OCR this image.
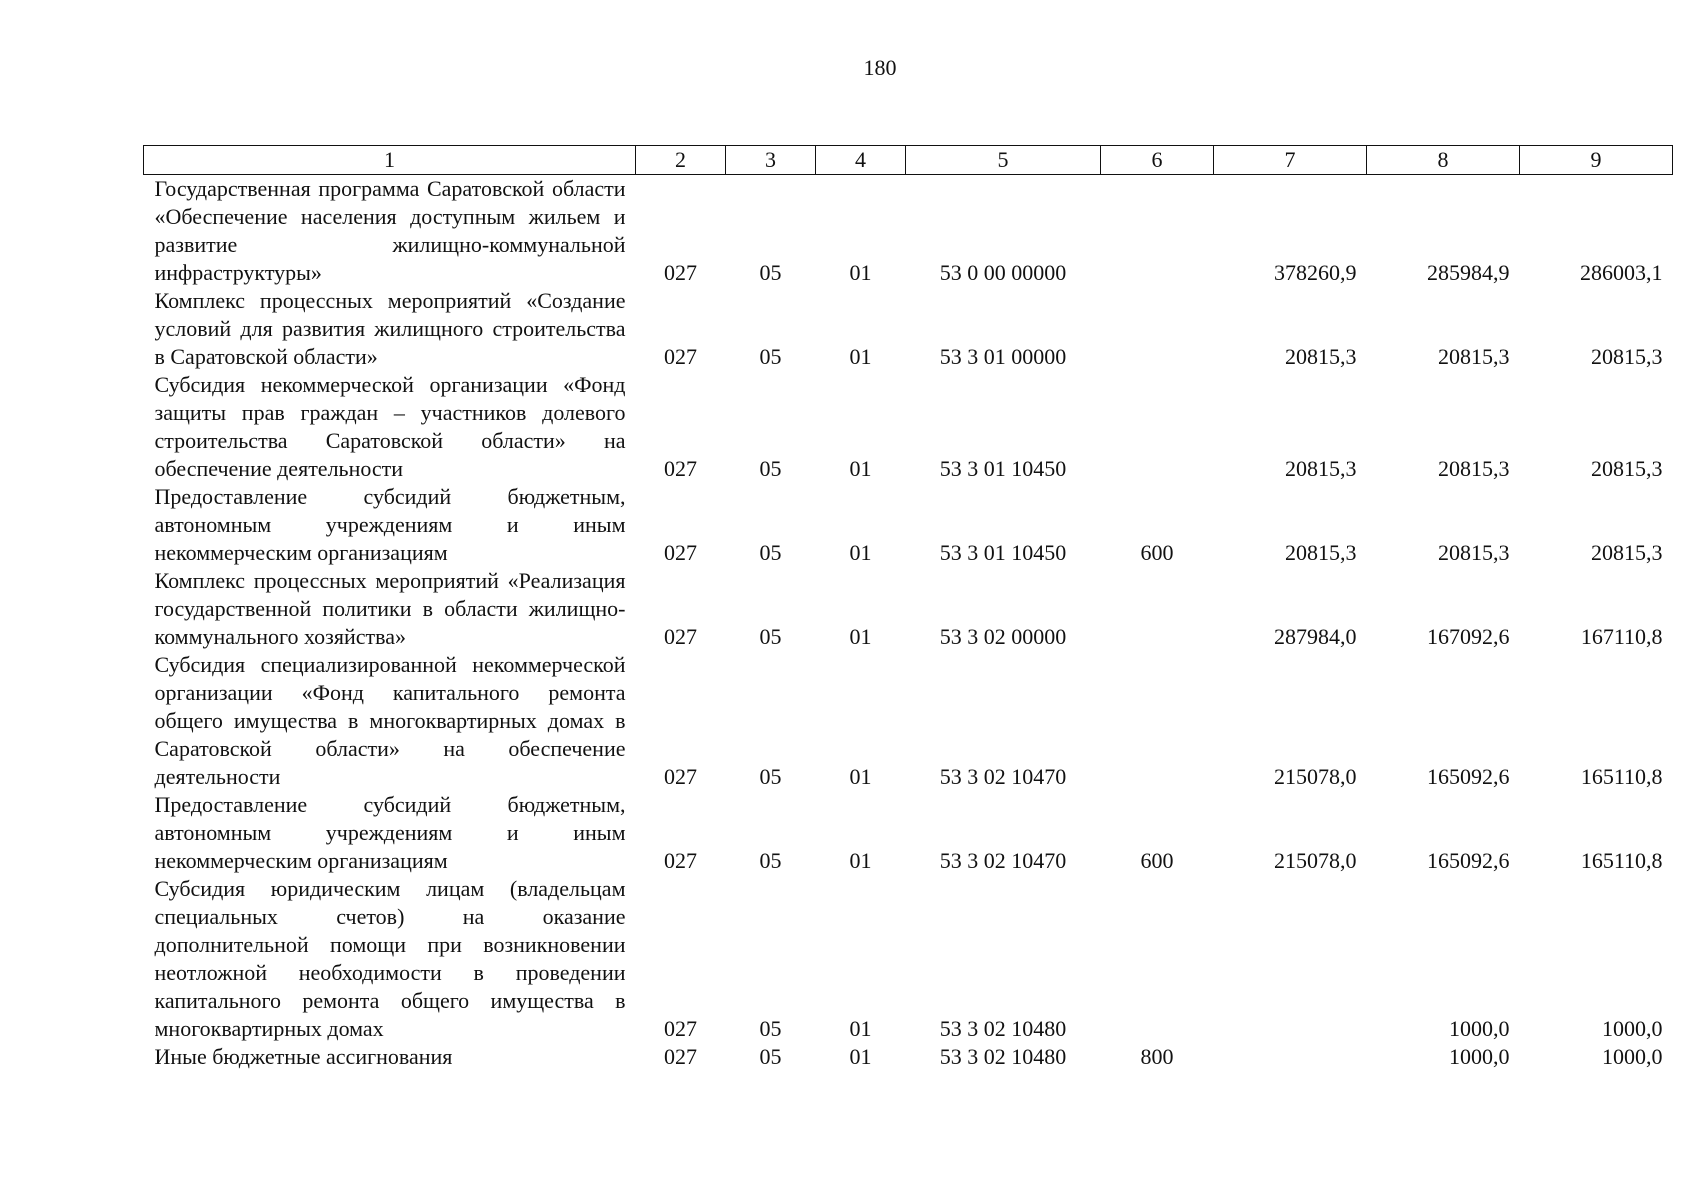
180
1	2	3	4	5	6	7	8	9
Государственная программа Саратовской области «Обеспечение населения доступным жильем и развитие жилищно-коммунальной инфраструктуры»	027	05	01	53 0 00 00000		378260,9	285984,9	286003,1
Комплекс процессных мероприятий «Создание условий для развития жилищного строительства в Саратовской области»	027	05	01	53 3 01 00000		20815,3	20815,3	20815,3
Субсидия некоммерческой организации «Фонд защиты прав граждан – участников долевого строительства Саратовской области» на обеспечение деятельности	027	05	01	53 3 01 10450		20815,3	20815,3	20815,3
Предоставление субсидий бюджетным, автономным учреждениям и иным некоммерческим организациям	027	05	01	53 3 01 10450	600	20815,3	20815,3	20815,3
Комплекс процессных мероприятий «Реализация государственной политики в области жилищно-коммунального хозяйства»	027	05	01	53 3 02 00000		287984,0	167092,6	167110,8
Субсидия специализированной некоммерческой организации «Фонд капитального ремонта общего имущества в многоквартирных домах в Саратовской области» на обеспечение деятельности	027	05	01	53 3 02 10470		215078,0	165092,6	165110,8
Предоставление субсидий бюджетным, автономным учреждениям и иным некоммерческим организациям	027	05	01	53 3 02 10470	600	215078,0	165092,6	165110,8
Субсидия юридическим лицам (владельцам специальных счетов) на оказание дополнительной помощи при возникновении неотложной необходимости в проведении капитального ремонта общего имущества в многоквартирных домах	027	05	01	53 3 02 10480			1000,0	1000,0
Иные бюджетные ассигнования	027	05	01	53 3 02 10480	800		1000,0	1000,0
